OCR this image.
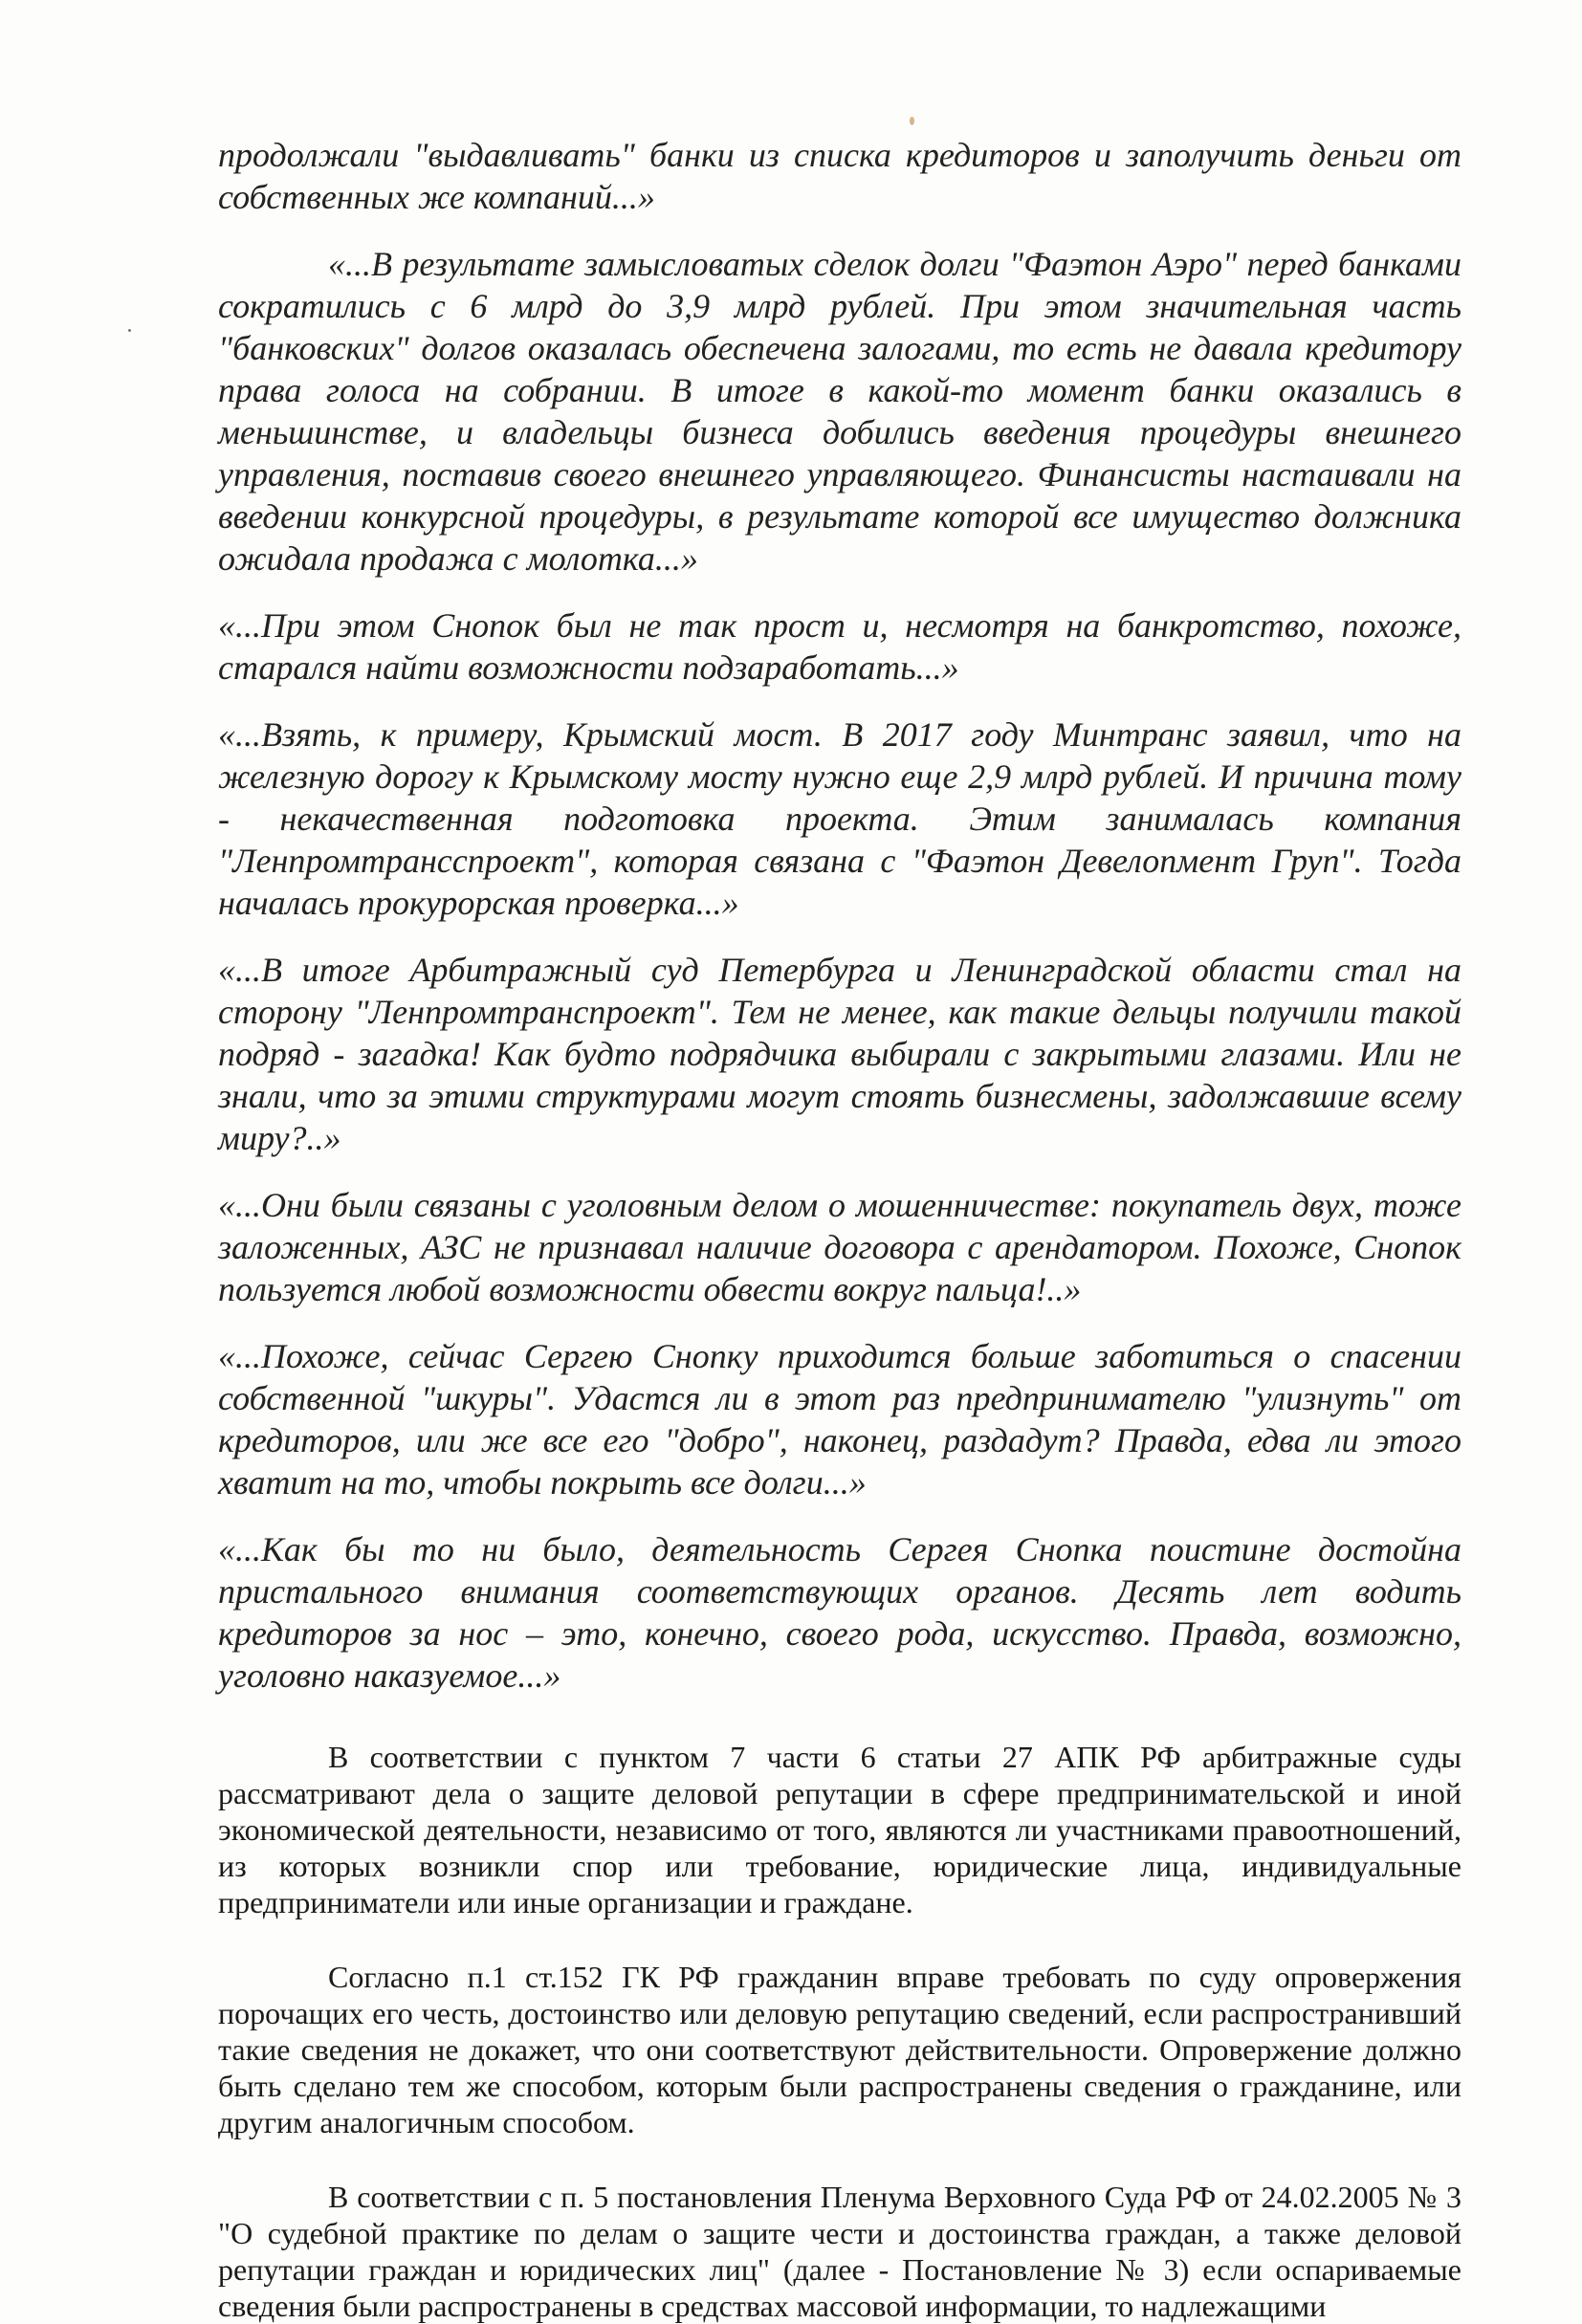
продолжали "выдавливать" банки из списка кредиторов и заполучить деньги от собственных же компаний...»

«...В результате замысловатых сделок долги "Фаэтон Аэро" перед банками сократились с 6 млрд до 3,9 млрд рублей. При этом значительная часть "банковских" долгов оказалась обеспечена залогами, то есть не давала кредитору права голоса на собрании. В итоге в какой-то момент банки оказались в меньшинстве, и владельцы бизнеса добились введения процедуры внешнего управления, поставив своего внешнего управляющего. Финансисты настаивали на введении конкурсной процедуры, в результате которой все имущество должника ожидала продажа с молотка...»

«...При этом Снопок был не так прост и, несмотря на банкротство, похоже, старался найти возможности подзаработать...»

«...Взять, к примеру, Крымский мост. В 2017 году Минтранс заявил, что на железную дорогу к Крымскому мосту нужно еще 2,9 млрд рублей. И причина тому - некачественная подготовка проекта. Этим занималась компания "Ленпромтрансспроект", которая связана с "Фаэтон Девелопмент Груп". Тогда началась прокурорская проверка...»

«...В итоге Арбитражный суд Петербурга и Ленинградской области стал на сторону "Ленпромтранспроект". Тем не менее, как такие дельцы получили такой подряд - загадка! Как будто подрядчика выбирали с закрытыми глазами. Или не знали, что за этими структурами могут стоять бизнесмены, задолжавшие всему миру?..»

«...Они были связаны с уголовным делом о мошенничестве: покупатель двух, тоже заложенных, АЗС не признавал наличие договора с арендатором. Похоже, Снопок пользуется любой возможности обвести вокруг пальца!..»

«...Похоже, сейчас Сергею Снопку приходится больше заботиться о спасении собственной "шкуры". Удастся ли в этот раз предпринимателю "улизнуть" от кредиторов, или же все его "добро", наконец, раздадут? Правда, едва ли этого хватит на то, чтобы покрыть все долги...»

«...Как бы то ни было, деятельность Сергея Снопка поистине достойна пристального внимания соответствующих органов. Десять лет водить кредиторов за нос – это, конечно, своего рода, искусство. Правда, возможно, уголовно наказуемое...»

В соответствии с пунктом 7 части 6 статьи 27 АПК РФ арбитражные суды рассматривают дела о защите деловой репутации в сфере предпринимательской и иной экономической деятельности, независимо от того, являются ли участниками правоотношений, из которых возникли спор или требование, юридические лица, индивидуальные предприниматели или иные организации и граждане.

Согласно п.1 ст.152 ГК РФ гражданин вправе требовать по суду опровержения порочащих его честь, достоинство или деловую репутацию сведений, если распространивший такие сведения не докажет, что они соответствуют действительности. Опровержение должно быть сделано тем же способом, которым были распространены сведения о гражданине, или другим аналогичным способом.

В соответствии с п. 5 постановления Пленума Верховного Суда РФ от 24.02.2005 № 3 "О судебной практике по делам о защите чести и достоинства граждан, а также деловой репутации граждан и юридических лиц" (далее - Постановление № 3) если оспариваемые сведения были распространены в средствах массовой информации, то надлежащими
